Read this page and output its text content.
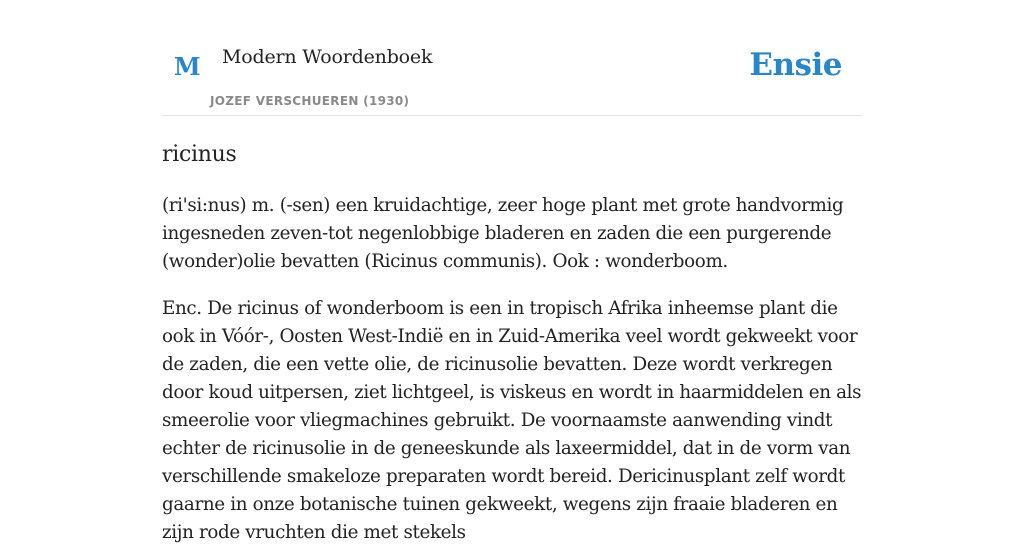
M Modern Woordenboek
JOZEF VERSCHUEREN (1930)
Ensie
ricinus

(ri'si:nus) m. (-sen) een kruidachtige, zeer hoge plant met grote handvormig ingesneden zeven-tot negenlobbige bladeren en zaden die een purgerende (wonder)olie bevatten (Ricinus communis). Ook : wonderboom.

Enc. De ricinus of wonderboom is een in tropisch Afrika inheemse plant die ook in Vóór-, Oosten West-Indië en in Zuid-Amerika veel wordt gekweekt voor de zaden, die een vette olie, de ricinusolie bevatten. Deze wordt verkregen door koud uitpersen, ziet lichtgeel, is viskeus en wordt in haarmiddelen en als smeerolie voor vliegmachines gebruikt. De voornaamste aanwending vindt echter de ricinusolie in de geneeskunde als laxeermiddel, dat in de vorm van verschillende smakeloze preparaten wordt bereid. Dericinusplant zelf wordt gaarne in onze botanische tuinen gekweekt, wegens zijn fraaie bladeren en zijn rode vruchten die met stekels
